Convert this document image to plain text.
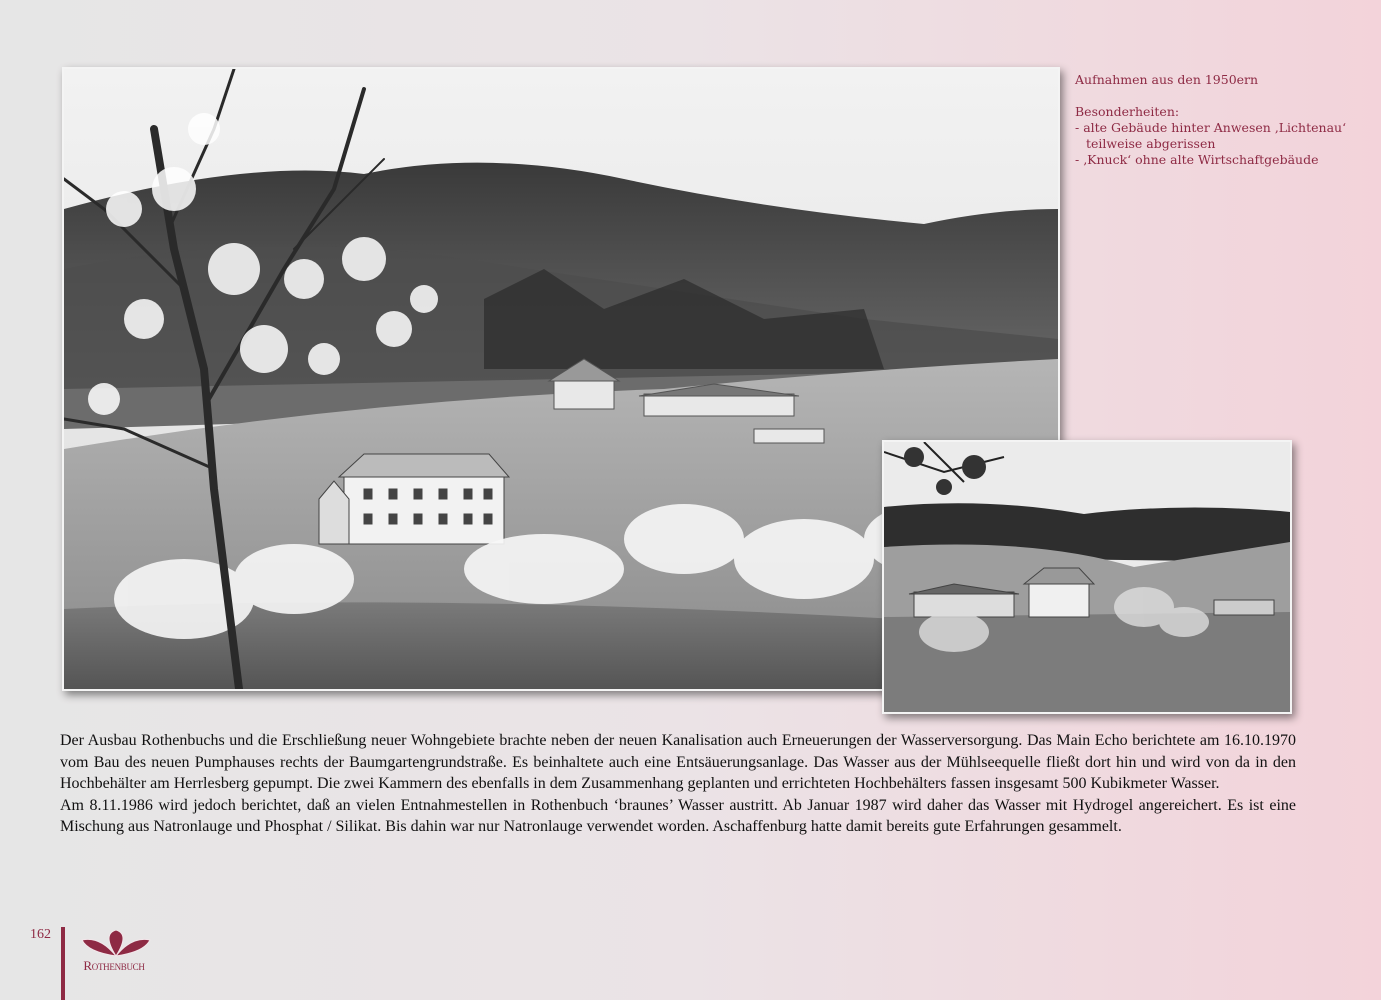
Aufnahmen aus den 1950ern
Besonderheiten:
- alte Gebäude hinter Anwesen ‚Lichtenau‘
teilweise abgerissen
- ‚Knuck‘ ohne alte Wirtschaftgebäude

Der Ausbau Rothenbuchs und die Erschließung neuer Wohngebiete brachte neben der neuen Kanalisation auch Erneuerungen der Wasserversorgung. Das Main Echo berichtete am 16.10.1970 vom Bau des neuen Pumphauses rechts der Baumgartengrundstraße. Es beinhaltete auch eine Entsäuerungsanlage. Das Wasser aus der Mühlseequelle fließt dort hin und wird von da in den Hochbehälter am Herrlesberg gepumpt. Die zwei Kammern des ebenfalls in dem Zusammenhang geplanten und errichteten Hochbehälters fassen insgesamt 500 Kubikmeter Wasser.

Am 8.11.1986 wird jedoch berichtet, daß an vielen Entnahmestellen in Rothenbuch ‘braunes’ Wasser austritt. Ab Januar 1987 wird daher das Wasser mit Hydrogel angereichert. Es ist eine Mischung aus Natronlauge und Phosphat / Silikat. Bis dahin war nur Natronlauge verwendet worden. Aschaffenburg hatte damit bereits gute Erfahrungen gesammelt.

162
Rothenbuch
